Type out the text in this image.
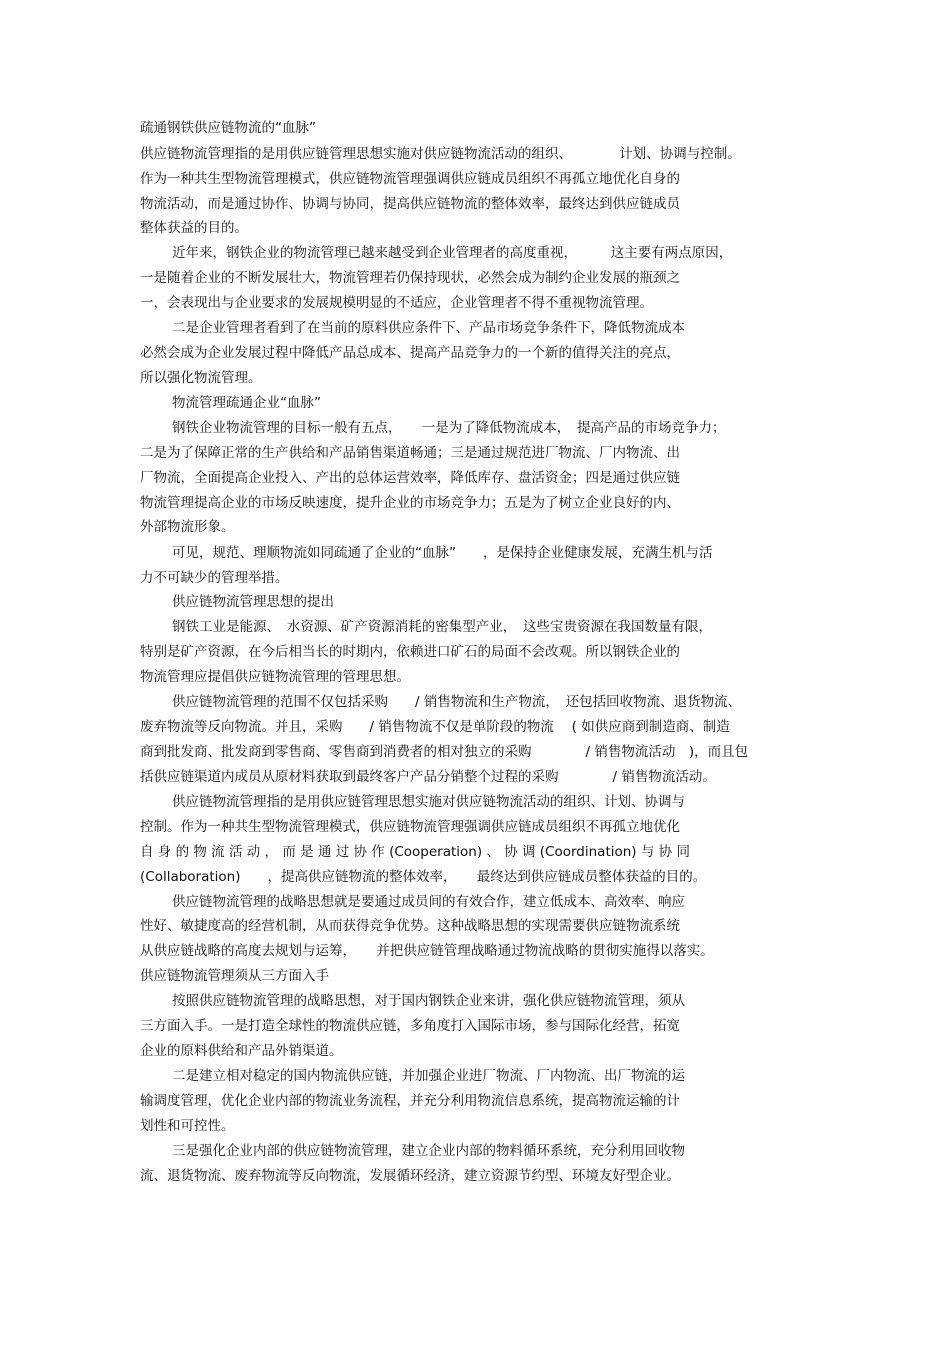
疏通钢铁供应链物流的“血脉”
供应链物流管理指的是用供应链管理思想实施对供应链物流活动的组织、　　　　计划、协调与控制。
作为一种共生型物流管理模式，供应链物流管理强调供应链成员组织不再孤立地优化自身的
物流活动，而是通过协作、协调与协同，提高供应链物流的整体效率，最终达到供应链成员
整体获益的目的。
近年来，钢铁企业的物流管理已越来越受到企业管理者的高度重视，　　　这主要有两点原因，
一是随着企业的不断发展壮大，物流管理若仍保持现状，必然会成为制约企业发展的瓶颈之
一，会表现出与企业要求的发展规模明显的不适应，企业管理者不得不重视物流管理。
二是企业管理者看到了在当前的原料供应条件下、产品市场竞争条件下，降低物流成本
必然会成为企业发展过程中降低产品总成本、提高产品竞争力的一个新的值得关注的亮点，
所以强化物流管理。
物流管理疏通企业“血脉”
钢铁企业物流管理的目标一般有五点，　　一是为了降低物流成本，　提高产品的市场竞争力；
二是为了保障正常的生产供给和产品销售渠道畅通；三是通过规范进厂物流、厂内物流、出
厂物流，全面提高企业投入、产出的总体运营效率，降低库存、盘活资金；四是通过供应链
物流管理提高企业的市场反映速度，提升企业的市场竞争力；五是为了树立企业良好的内、
外部物流形象。
可见，规范、理顺物流如同疏通了企业的“血脉”　　，是保持企业健康发展，充满生机与活
力不可缺少的管理举措。
供应链物流管理思想的提出
钢铁工业是能源、　水资源、矿产资源消耗的密集型产业，　这些宝贵资源在我国数量有限，
特别是矿产资源，在今后相当长的时期内，依赖进口矿石的局面不会改观。所以钢铁企业的
物流管理应提倡供应链物流管理的管理思想。
供应链物流管理的范围不仅包括采购　　/ 销售物流和生产物流，　还包括回收物流、退货物流、
废弃物流等反向物流。并且，采购　　/ 销售物流不仅是单阶段的物流　 ( 如供应商到制造商、制造
商到批发商、批发商到零售商、零售商到消费者的相对独立的采购　　　　/ 销售物流活动　)，而且包
括供应链渠道内成员从原材料获取到最终客户产品分销整个过程的采购　　　　/ 销售物流活动。
供应链物流管理指的是用供应链管理思想实施对供应链物流活动的组织、计划、协调与
控制。作为一种共生型物流管理模式，供应链物流管理强调供应链成员组织不再孤立地优化
自 身 的 物 流 活 动 ， 而 是 通 过 协 作 (Cooperation) 、 协 调 (Coordination) 与 协 同
(Collaboration)　　，提高供应链物流的整体效率，　　最终达到供应链成员整体获益的目的。
供应链物流管理的战略思想就是要通过成员间的有效合作，建立低成本、高效率、响应
性好、敏捷度高的经营机制，从而获得竞争优势。这种战略思想的实现需要供应链物流系统
从供应链战略的高度去规划与运筹，　　并把供应链管理战略通过物流战略的贯彻实施得以落实。
供应链物流管理须从三方面入手
按照供应链物流管理的战略思想，对于国内钢铁企业来讲，强化供应链物流管理，须从
三方面入手。一是打造全球性的物流供应链，多角度打入国际市场，参与国际化经营，拓宽
企业的原料供给和产品外销渠道。
二是建立相对稳定的国内物流供应链，并加强企业进厂物流、厂内物流、出厂物流的运
输调度管理，优化企业内部的物流业务流程，并充分利用物流信息系统，提高物流运输的计
划性和可控性。
三是强化企业内部的供应链物流管理，建立企业内部的物料循环系统，充分利用回收物
流、退货物流、废弃物流等反向物流，发展循环经济，建立资源节约型、环境友好型企业。
